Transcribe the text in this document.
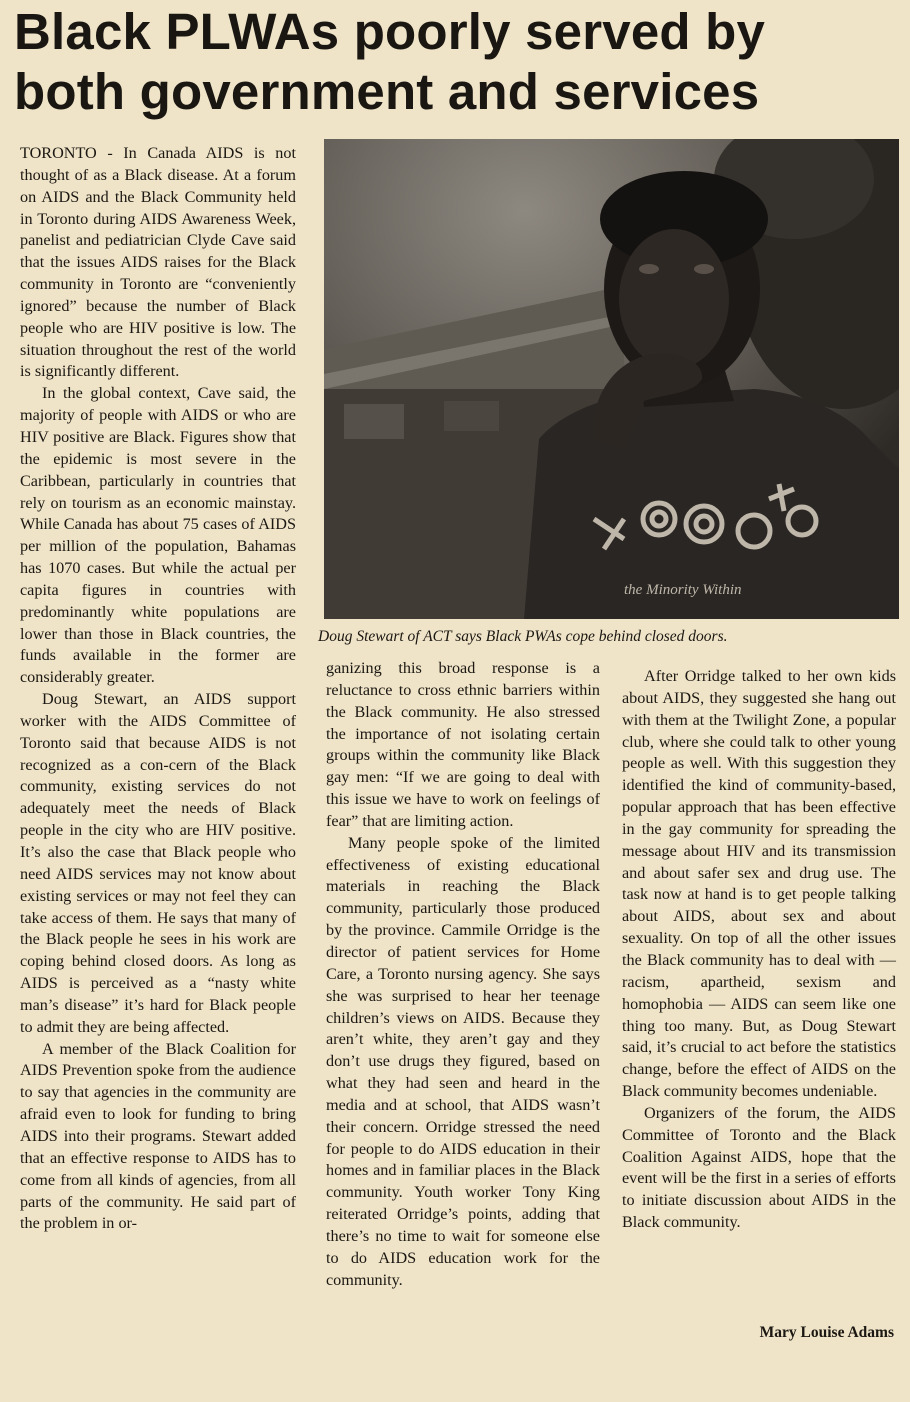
Black PLWAs poorly served by
both government and services

TORONTO - In Canada AIDS is not thought of as a Black disease. At a forum on AIDS and the Black Community held in Toronto during AIDS Awareness Week, panelist and pediatrician Clyde Cave said that the issues AIDS raises for the Black community in Toronto are “conveniently ignored” because the number of Black people who are HIV positive is low. The situation throughout the rest of the world is significantly different.

In the global context, Cave said, the majority of people with AIDS or who are HIV positive are Black. Figures show that the epidemic is most severe in the Caribbean, particularly in countries that rely on tourism as an economic mainstay. While Canada has about 75 cases of AIDS per million of the population, Bahamas has 1070 cases. But while the actual per capita figures in countries with predominantly white populations are lower than those in Black countries, the funds available in the former are considerably greater.

Doug Stewart, an AIDS support worker with the AIDS Committee of Toronto said that because AIDS is not recognized as a con-cern of the Black community, existing services do not adequately meet the needs of Black people in the city who are HIV positive. It’s also the case that Black people who need AIDS services may not know about existing services or may not feel they can take access of them. He says that many of the Black people he sees in his work are coping behind closed doors. As long as AIDS is perceived as a “nasty white man’s disease” it’s hard for Black people to admit they are being affected.

A member of the Black Coalition for AIDS Prevention spoke from the audience to say that agencies in the community are afraid even to look for funding to bring AIDS into their programs. Stewart added that an effective response to AIDS has to come from all kinds of agencies, from all parts of the community. He said part of the problem in or-

the Minority Within
Doug Stewart of ACT says Black PWAs cope behind closed doors.

ganizing this broad response is a reluctance to cross ethnic barriers within the Black community. He also stressed the importance of not isolating certain groups within the community like Black gay men: “If we are going to deal with this issue we have to work on feelings of fear” that are limiting action.

Many people spoke of the limited effectiveness of existing educational materials in reaching the Black community, particularly those produced by the province. Cammile Orridge is the director of patient services for Home Care, a Toronto nursing agency. She says she was surprised to hear her teenage children’s views on AIDS. Because they aren’t white, they aren’t gay and they don’t use drugs they figured, based on what they had seen and heard in the media and at school, that AIDS wasn’t their concern. Orridge stressed the need for people to do AIDS education in their homes and in familiar places in the Black community. Youth worker Tony King reiterated Orridge’s points, adding that there’s no time to wait for someone else to do AIDS education work for the community.

After Orridge talked to her own kids about AIDS, they suggested she hang out with them at the Twilight Zone, a popular club, where she could talk to other young people as well. With this suggestion they identified the kind of community-based, popular approach that has been effective in the gay community for spreading the message about HIV and its transmission and about safer sex and drug use. The task now at hand is to get people talking about AIDS, about sex and about sexuality. On top of all the other issues the Black community has to deal with — racism, apartheid, sexism and homophobia — AIDS can seem like one thing too many. But, as Doug Stewart said, it’s crucial to act before the statistics change, before the effect of AIDS on the Black community becomes undeniable.

Organizers of the forum, the AIDS Committee of Toronto and the Black Coalition Against AIDS, hope that the event will be the first in a series of efforts to initiate discussion about AIDS in the Black community.

Mary Louise Adams
